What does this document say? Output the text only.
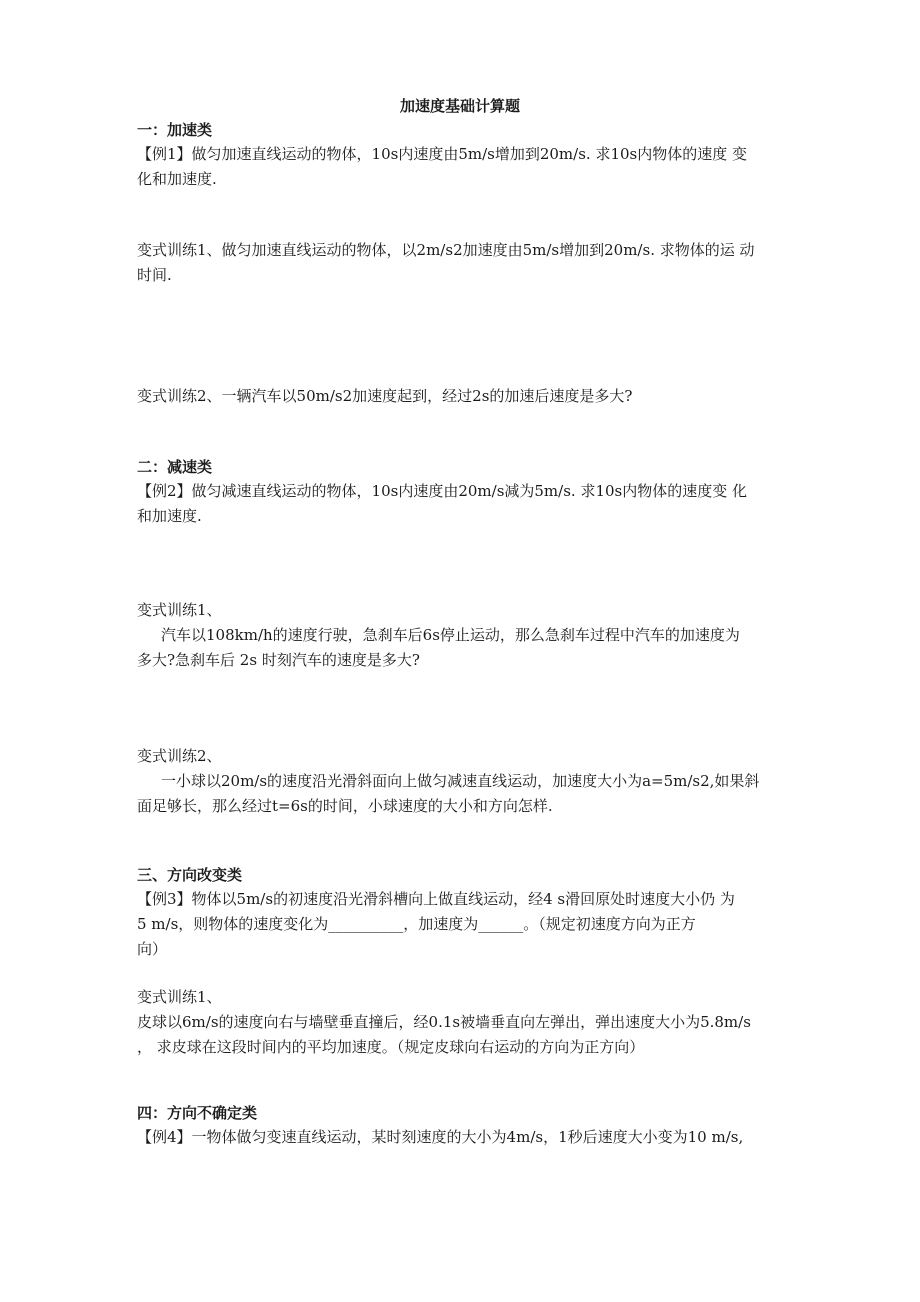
加速度基础计算题
一：加速类
【例1】做匀加速直线运动的物体，10s内速度由5m/s增加到20m/s. 求10s内物体的速度 变
化和加速度.
变式训练1、做匀加速直线运动的物体，以2m/s2加速度由5m/s增加到20m/s. 求物体的运 动
时间.
变式训练2、一辆汽车以50m/s2加速度起到，经过2s的加速后速度是多大?
二：减速类
【例2】做匀减速直线运动的物体，10s内速度由20m/s减为5m/s. 求10s内物体的速度变 化
和加速度.
变式训练1、
汽车以108km/h的速度行驶，急刹车后6s停止运动，那么急刹车过程中汽车的加速度为
多大?急刹车后 2s 时刻汽车的速度是多大?
变式训练2、
一小球以20m/s的速度沿光滑斜面向上做匀减速直线运动，加速度大小为a=5m/s2,如果斜
面足够长，那么经过t=6s的时间，小球速度的大小和方向怎样.
三、方向改变类
【例3】物体以5m/s的初速度沿光滑斜槽向上做直线运动，经4 s滑回原处时速度大小仍 为
5 m/s，则物体的速度变化为__________，加速度为______。（规定初速度方向为正方
向）
变式训练1、
皮球以6m/s的速度向右与墙壁垂直撞后，经0.1s被墙垂直向左弹出，弹出速度大小为5.8m/s
， 求皮球在这段时间内的平均加速度。（规定皮球向右运动的方向为正方向）
四：方向不确定类
【例4】一物体做匀变速直线运动，某时刻速度的大小为4m/s，1秒后速度大小变为10 m/s,
